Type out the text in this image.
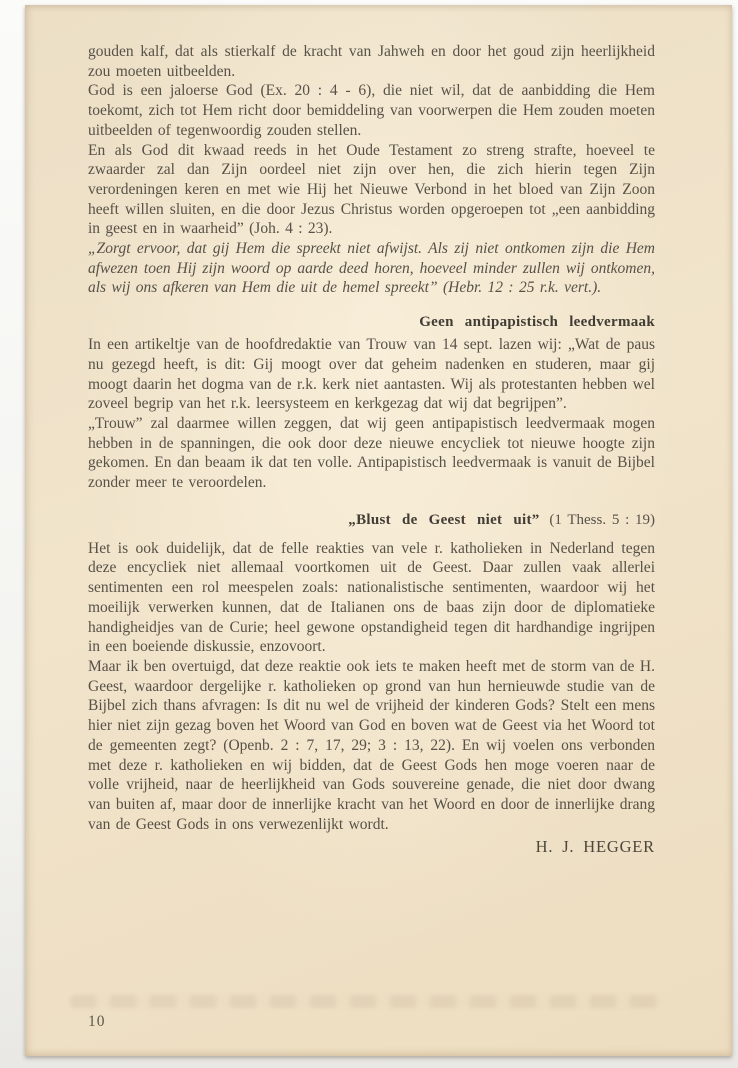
gouden kalf, dat als stierkalf de kracht van Jahweh en door het goud zijn heerlijkheid zou moeten uitbeelden.

God is een jaloerse God (Ex. 20 : 4 - 6), die niet wil, dat de aanbidding die Hem toekomt, zich tot Hem richt door bemiddeling van voorwerpen die Hem zouden moeten uitbeelden of tegenwoordig zouden stellen.

En als God dit kwaad reeds in het Oude Testament zo streng strafte, hoeveel te zwaarder zal dan Zijn oordeel niet zijn over hen, die zich hierin tegen Zijn verordeningen keren en met wie Hij het Nieuwe Verbond in het bloed van Zijn Zoon heeft willen sluiten, en die door Jezus Christus worden opgeroepen tot „een aanbidding in geest en in waarheid” (Joh. 4 : 23).

„Zorgt ervoor, dat gij Hem die spreekt niet afwijst. Als zij niet ontkomen zijn die Hem afwezen toen Hij zijn woord op aarde deed horen, hoeveel minder zullen wij ontkomen, als wij ons afkeren van Hem die uit de hemel spreekt” (Hebr. 12 : 25 r.k. vert.).

Geen antipapistisch leedvermaak

In een artikeltje van de hoofdredaktie van Trouw van 14 sept. lazen wij: „Wat de paus nu gezegd heeft, is dit: Gij moogt over dat geheim nadenken en studeren, maar gij moogt daarin het dogma van de r.k. kerk niet aantasten. Wij als protestanten hebben wel zoveel begrip van het r.k. leersysteem en kerkgezag dat wij dat begrijpen”.

„Trouw” zal daarmee willen zeggen, dat wij geen antipapistisch leedvermaak mogen hebben in de spanningen, die ook door deze nieuwe encycliek tot nieuwe hoogte zijn gekomen. En dan beaam ik dat ten volle. Antipapistisch leedvermaak is vanuit de Bijbel zonder meer te veroordelen.

„Blust de Geest niet uit” (1 Thess. 5 : 19)

Het is ook duidelijk, dat de felle reakties van vele r. katholieken in Nederland tegen deze encycliek niet allemaal voortkomen uit de Geest. Daar zullen vaak allerlei sentimenten een rol meespelen zoals: nationalistische sentimenten, waardoor wij het moeilijk verwerken kunnen, dat de Italianen ons de baas zijn door de diplomatieke handigheidjes van de Curie; heel gewone opstandigheid tegen dit hardhandige ingrijpen in een boeiende diskussie, enzovoort.

Maar ik ben overtuigd, dat deze reaktie ook iets te maken heeft met de storm van de H. Geest, waardoor dergelijke r. katholieken op grond van hun hernieuwde studie van de Bijbel zich thans afvragen: Is dit nu wel de vrijheid der kinderen Gods? Stelt een mens hier niet zijn gezag boven het Woord van God en boven wat de Geest via het Woord tot de gemeenten zegt? (Openb. 2 : 7, 17, 29; 3 : 13, 22). En wij voelen ons verbonden met deze r. katholieken en wij bidden, dat de Geest Gods hen moge voeren naar de volle vrijheid, naar de heerlijkheid van Gods souvereine genade, die niet door dwang van buiten af, maar door de innerlijke kracht van het Woord en door de innerlijke drang van de Geest Gods in ons verwezenlijkt wordt.

H. J. HEGGER
10
